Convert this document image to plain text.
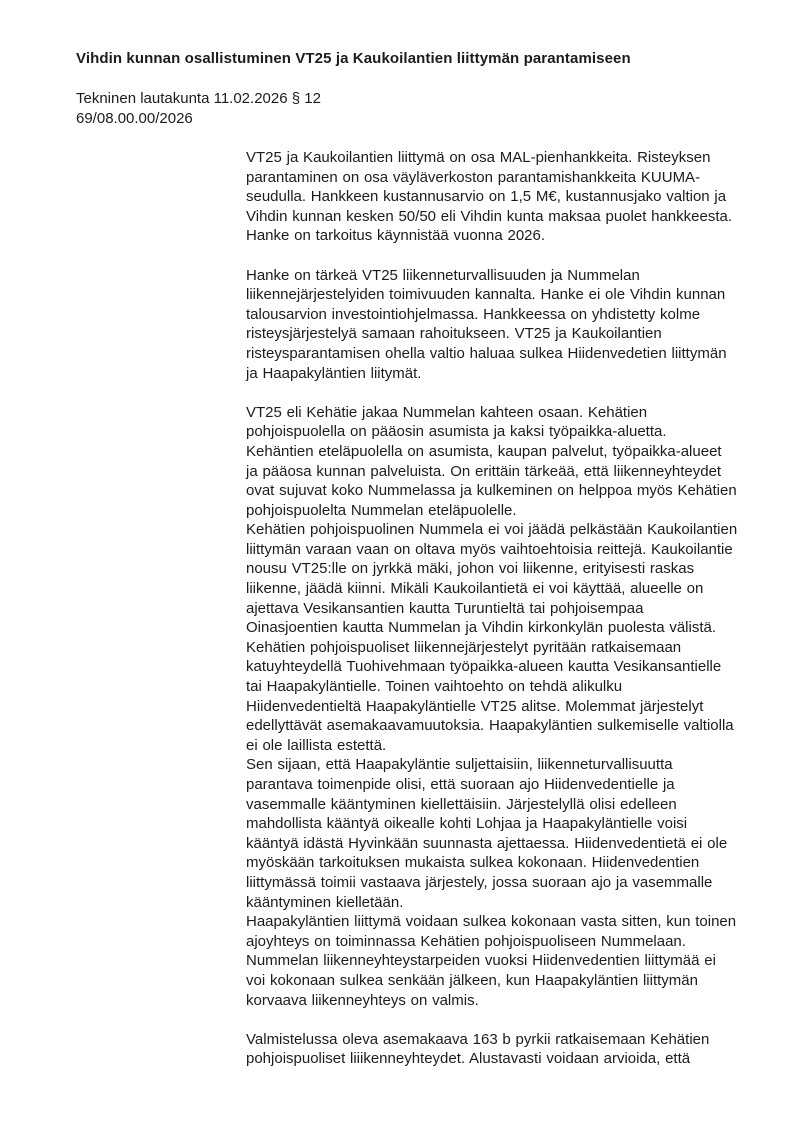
Vihdin kunnan osallistuminen VT25 ja Kaukoilantien liittymän parantamiseen
Tekninen lautakunta 11.02.2026 § 12
69/08.00.00/2026

VT25 ja Kaukoilantien liittymä on osa MAL-pienhankkeita. Risteyksen parantaminen on osa väyläverkoston parantamishankkeita KUUMA-seudulla. Hankkeen kustannusarvio on 1,5 M€, kustannusjako valtion ja Vihdin kunnan kesken 50/50 eli Vihdin kunta maksaa puolet hankkeesta. Hanke on tarkoitus käynnistää vuonna 2026.

Hanke on tärkeä VT25 liikenneturvallisuuden ja Nummelan liikennejärjestelyiden toimivuuden kannalta. Hanke ei ole Vihdin kunnan talousarvion investointiohjelmassa. Hankkeessa on yhdistetty kolme risteysjärjestelyä samaan rahoitukseen. VT25 ja Kaukoilantien risteysparantamisen ohella valtio haluaa sulkea Hiidenvedetien liittymän ja Haapakyläntien liitymät.

VT25 eli Kehätie jakaa Nummelan kahteen osaan. Kehätien pohjoispuolella on pääosin asumista ja kaksi työpaikka-aluetta. Kehäntien eteläpuolella on asumista, kaupan palvelut, työpaikka-alueet ja pääosa kunnan palveluista. On erittäin tärkeää, että liikenneyhteydet ovat sujuvat koko Nummelassa ja kulkeminen on helppoa myös Kehätien pohjoispuolelta Nummelan eteläpuolelle.

Kehätien pohjoispuolinen Nummela ei voi jäädä pelkästään Kaukoilantien liittymän varaan vaan on oltava myös vaihtoehtoisia reittejä. Kaukoilantie nousu VT25:lle on jyrkkä mäki, johon voi liikenne, erityisesti raskas liikenne, jäädä kiinni. Mikäli Kaukoilantietä ei voi käyttää, alueelle on ajettava Vesikansantien kautta Turuntieltä tai pohjoisempaa Oinasjoentien kautta Nummelan ja Vihdin kirkonkylän puolesta välistä.

Kehätien pohjoispuoliset liikennejärjestelyt pyritään ratkaisemaan katuyhteydellä Tuohivehmaan työpaikka-alueen kautta Vesikansantielle tai Haapakyläntielle. Toinen vaihtoehto on tehdä alikulku Hiidenvedentieltä Haapakyläntielle VT25 alitse. Molemmat järjestelyt edellyttävät asemakaavamuutoksia. Haapakyläntien sulkemiselle valtiolla ei ole laillista estettä.

Sen sijaan, että Haapakyläntie suljettaisiin, liikenneturvallisuutta parantava toimenpide olisi, että suoraan ajo Hiidenvedentielle ja vasemmalle kääntyminen kiellettäisiin. Järjestelyllä olisi edelleen mahdollista kääntyä oikealle kohti Lohjaa ja Haapakyläntielle voisi kääntyä idästä Hyvinkään suunnasta ajettaessa. Hiidenvedentietä ei ole myöskään tarkoituksen mukaista sulkea kokonaan. Hiidenvedentien liittymässä toimii vastaava järjestely, jossa suoraan ajo ja vasemmalle kääntyminen kielletään.

Haapakyläntien liittymä voidaan sulkea kokonaan vasta sitten, kun toinen ajoyhteys on toiminnassa Kehätien pohjoispuoliseen Nummelaan.

Nummelan liikenneyhteystarpeiden vuoksi Hiidenvedentien liittymää ei voi kokonaan sulkea senkään jälkeen, kun Haapakyläntien liittymän korvaava liikenneyhteys on valmis.

Valmistelussa oleva asemakaava 163 b pyrkii ratkaisemaan Kehätien pohjoispuoliset liiikenneyhteydet. Alustavasti voidaan arvioida, että
